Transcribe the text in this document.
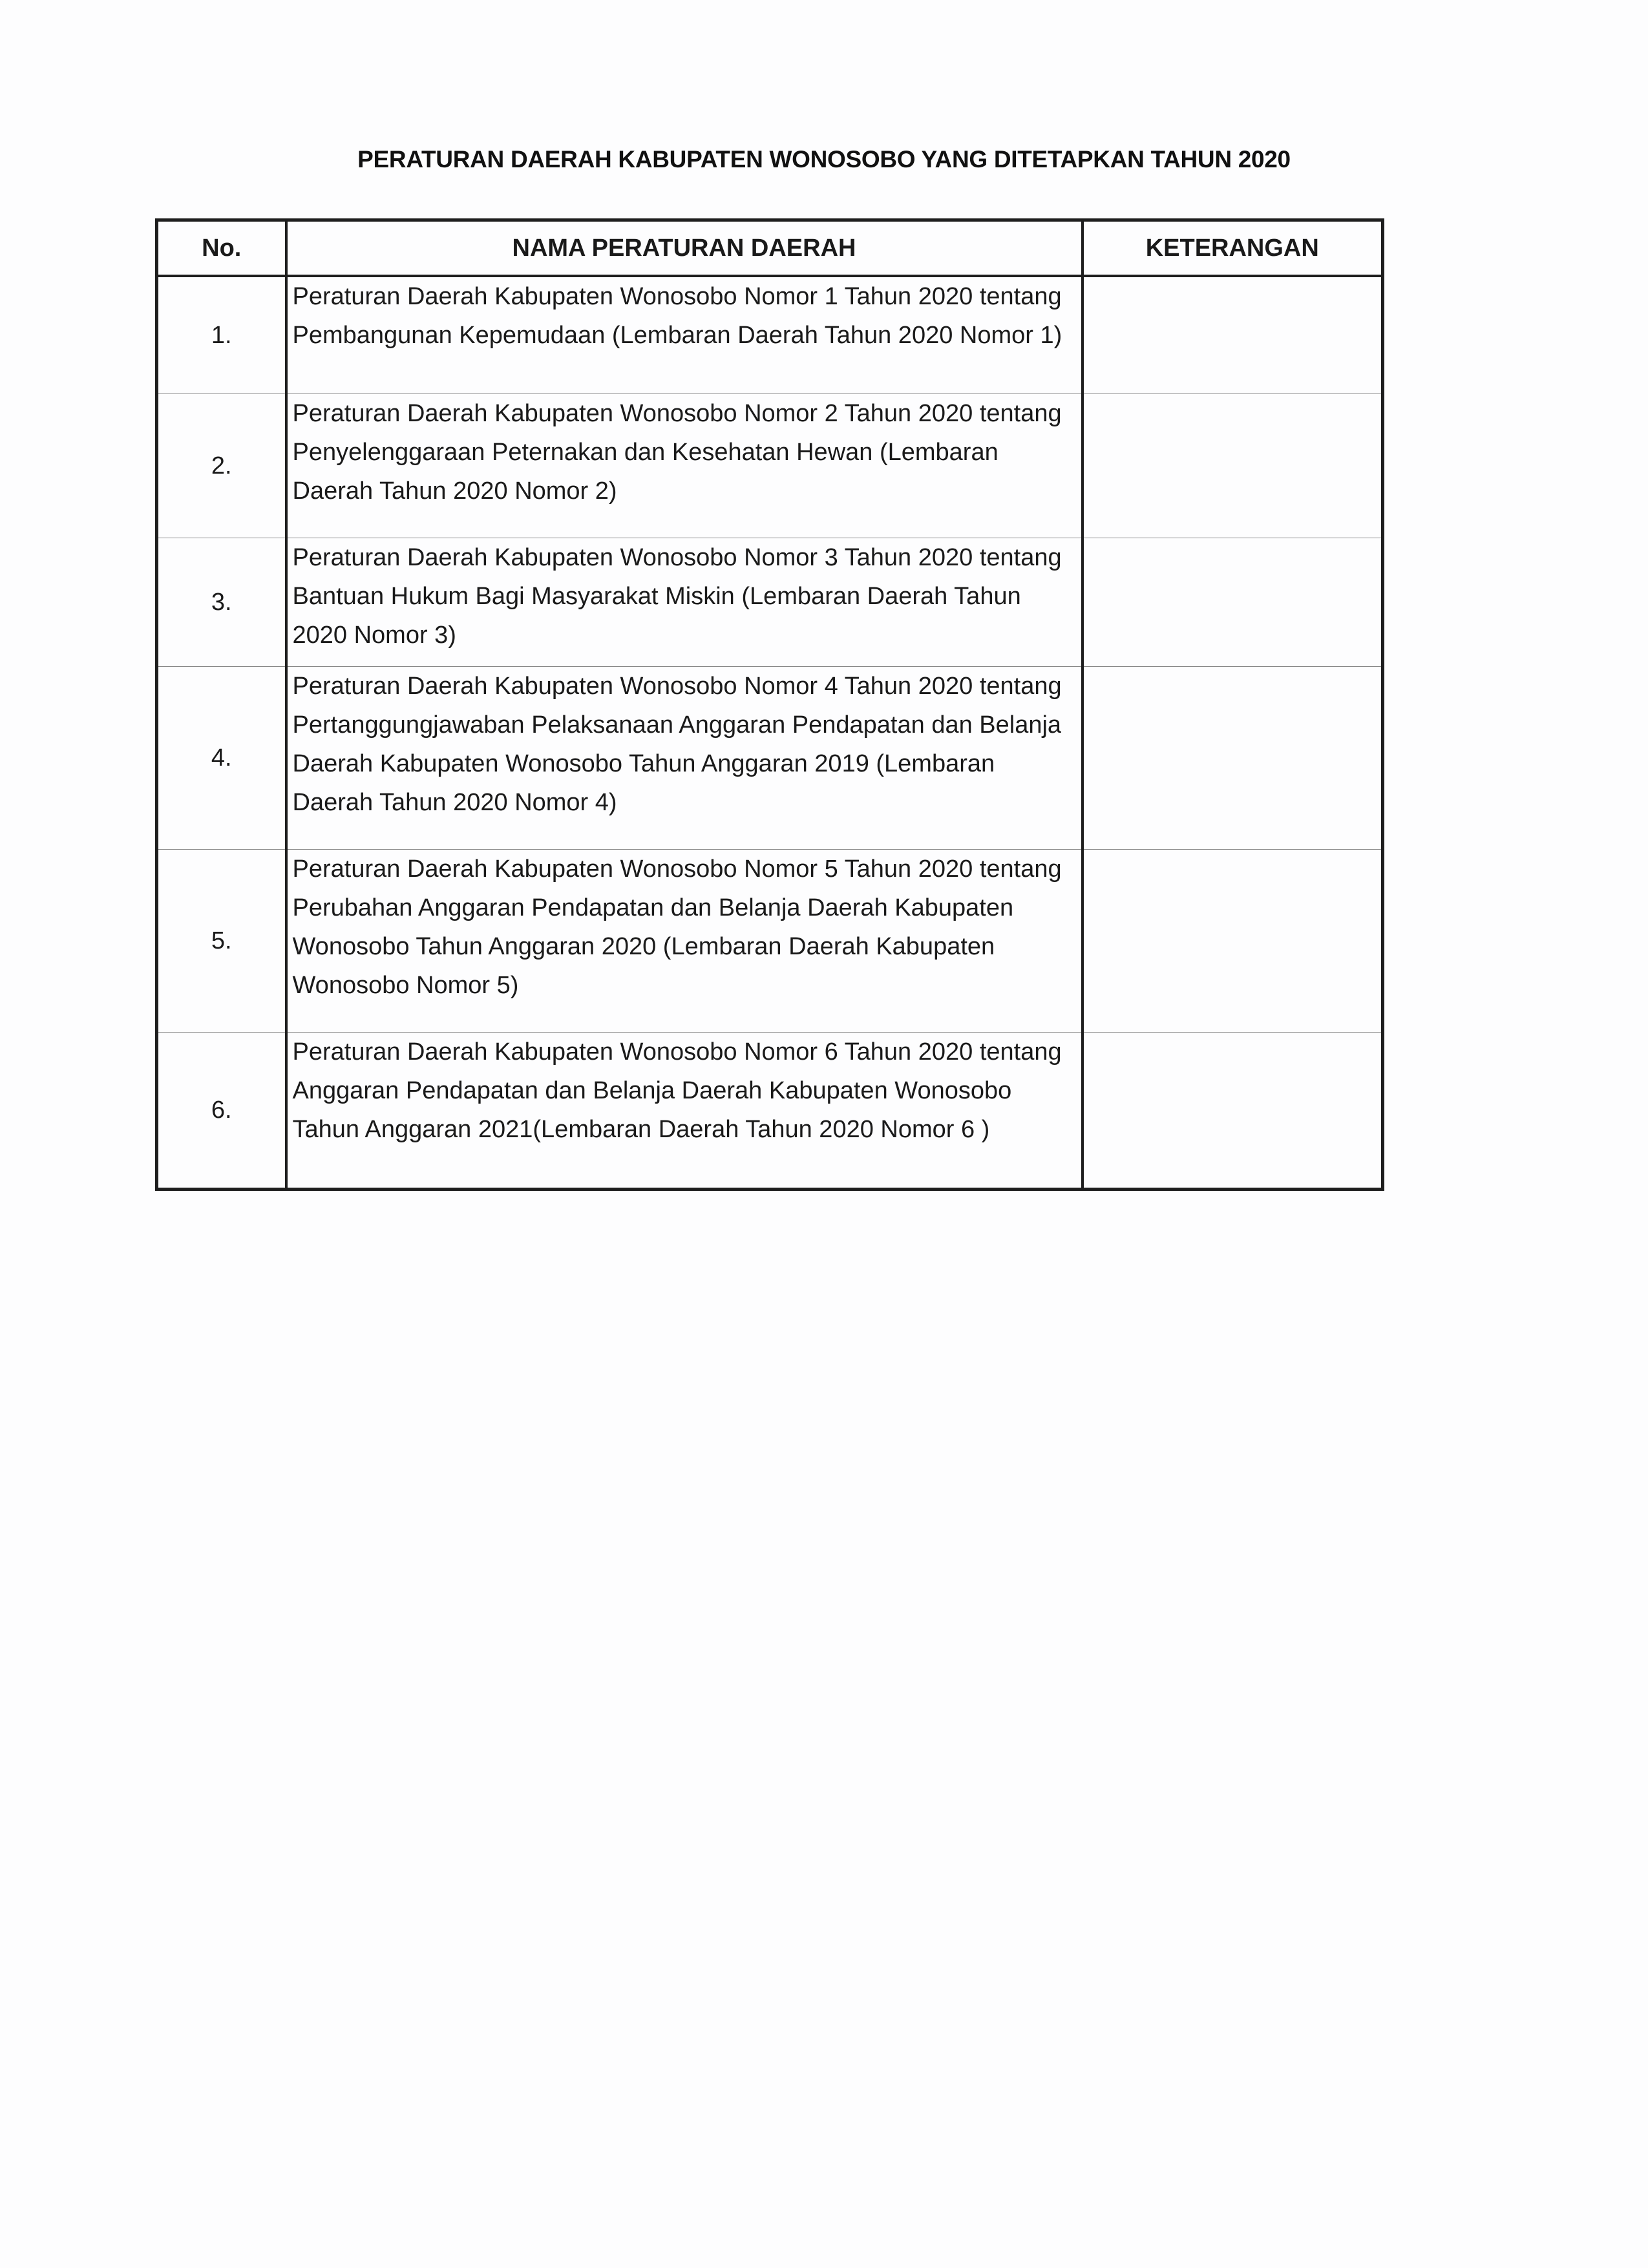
PERATURAN DAERAH KABUPATEN WONOSOBO YANG DITETAPKAN TAHUN 2020
No.	NAMA PERATURAN DAERAH	KETERANGAN
1.	Peraturan Daerah Kabupaten Wonosobo Nomor 1 Tahun 2020 tentang Pembangunan Kepemudaan (Lembaran Daerah Tahun 2020 Nomor 1)	
2.	Peraturan Daerah Kabupaten Wonosobo Nomor 2 Tahun 2020 tentang Penyelenggaraan Peternakan dan Kesehatan Hewan (Lembaran Daerah Tahun 2020 Nomor 2)	
3.	Peraturan Daerah Kabupaten Wonosobo Nomor 3 Tahun 2020 tentang Bantuan Hukum Bagi Masyarakat Miskin (Lembaran Daerah Tahun 2020 Nomor 3)	
4.	Peraturan Daerah Kabupaten Wonosobo Nomor 4 Tahun 2020 tentang Pertanggungjawaban Pelaksanaan Anggaran Pendapatan dan Belanja Daerah Kabupaten Wonosobo Tahun Anggaran 2019 (Lembaran Daerah Tahun 2020 Nomor 4)	
5.	Peraturan Daerah Kabupaten Wonosobo Nomor 5 Tahun 2020 tentang Perubahan Anggaran Pendapatan dan Belanja Daerah Kabupaten Wonosobo Tahun Anggaran 2020 (Lembaran Daerah Kabupaten Wonosobo Nomor 5)	
6.	Peraturan Daerah Kabupaten Wonosobo Nomor 6 Tahun 2020 tentang Anggaran Pendapatan dan Belanja Daerah Kabupaten Wonosobo Tahun Anggaran 2021(Lembaran Daerah Tahun 2020 Nomor 6 )	
